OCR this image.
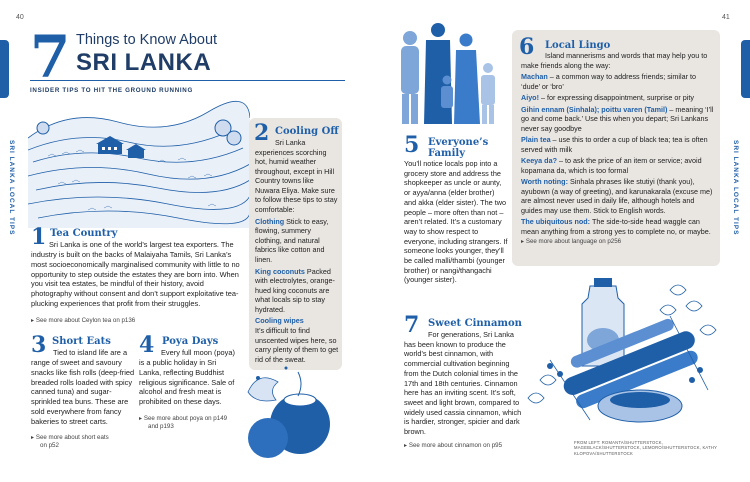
40	41
SRI LANKA LOCAL TIPS	SRI LANKA LOCAL TIPS
7 Things to Know About
SRI LANKA
INSIDER TIPS TO HIT THE GROUND RUNNING
1 Tea Country
Sri Lanka is one of the world’s largest tea exporters. The industry is built on the backs of Malaiyaha Tamils, Sri Lanka’s most socioeconomically marginalised community with little to no opportunity to step outside the estates they are born into. When you visit tea estates, be mindful of their history, avoid photography without consent and don’t support exploitative tea-plucking experiences that profit from their struggles.
▸ See more about Ceylon tea on p136
3 Short Eats
Tied to island life are a range of sweet and savoury snacks like fish rolls (deep-fried breaded rolls loaded with spicy canned tuna) and sugar-sprinkled tea buns. These are sold everywhere from fancy bakeries to street carts.
▸ See more about short eats
on p52
4 Poya Days
Every full moon (poya) is a public holiday in Sri Lanka, reflecting Buddhist religious significance. Sale of alcohol and fresh meat is prohibited on these days.
▸ See more about poya on p149
and p193
2 Cooling Off

Sri Lanka experiences scorching hot, humid weather throughout, except in Hill Country towns like Nuwara Eliya. Make sure to follow these tips to stay comfortable:

Clothing Stick to easy, flowing, summery clothing, and natural fabrics like cotton and linen.

King coconuts Packed with electrolytes, orange-hued king coconuts are what locals sip to stay hydrated.

Cooling wipes

It’s difficult to find unscented wipes here, so carry plenty of them to get rid of the sweat.

5 Everyone’s Family
You’ll notice locals pop into a grocery store and address the shopkeeper as uncle or aunty, or ayya/anna (elder brother) and akka (elder sister). The two people – more often than not – aren’t related. It’s a customary way to show respect to everyone, including strangers. If someone looks younger, they’ll be called malli/thambi (younger brother) or nangi/thangachi (younger sister).
6 Local Lingo

Island mannerisms and words that may help you to make friends along the way:

Machan – a common way to address friends; similar to ‘dude’ or ‘bro’

Aiyo! – for expressing disappointment, surprise or pity

Gihin ennam (Sinhala); poittu varen (Tamil) – meaning ‘I’ll go and come back.’ Use this when you depart; Sri Lankans never say goodbye

Plain tea – use this to order a cup of black tea; tea is often served with milk

Keeya da? – to ask the price of an item or service; avoid kopamana da, which is too formal

Worth noting: Sinhala phrases like stutiyi (thank you), ayubown (a way of greeting), and karunakarala (excuse me) are almost never used in daily life, although hotels and guides may use them. Stick to English words.

The ubiquitous nod: The side-to-side head waggle can mean anything from a strong yes to complete no, or maybe.

▸ See more about language on p256

7 Sweet Cinnamon
For generations, Sri Lanka has been known to produce the world’s best cinnamon, with commercial cultivation beginning from the Dutch colonial times in the 17th and 18th centuries. Cinnamon here has an inviting scent. It’s soft, sweet and light brown, compared to widely used cassia cinnamon, which is hardier, stronger, spicier and dark brown.
▸ See more about cinnamon on p95	FROM LEFT: ROMANTA/SHUTTERSTOCK, MAGEBLACK/SHUTTERSTOCK, LEMORO/SHUTTERSTOCK, KATHY KLOPOVA/SHUTTERSTOCK
